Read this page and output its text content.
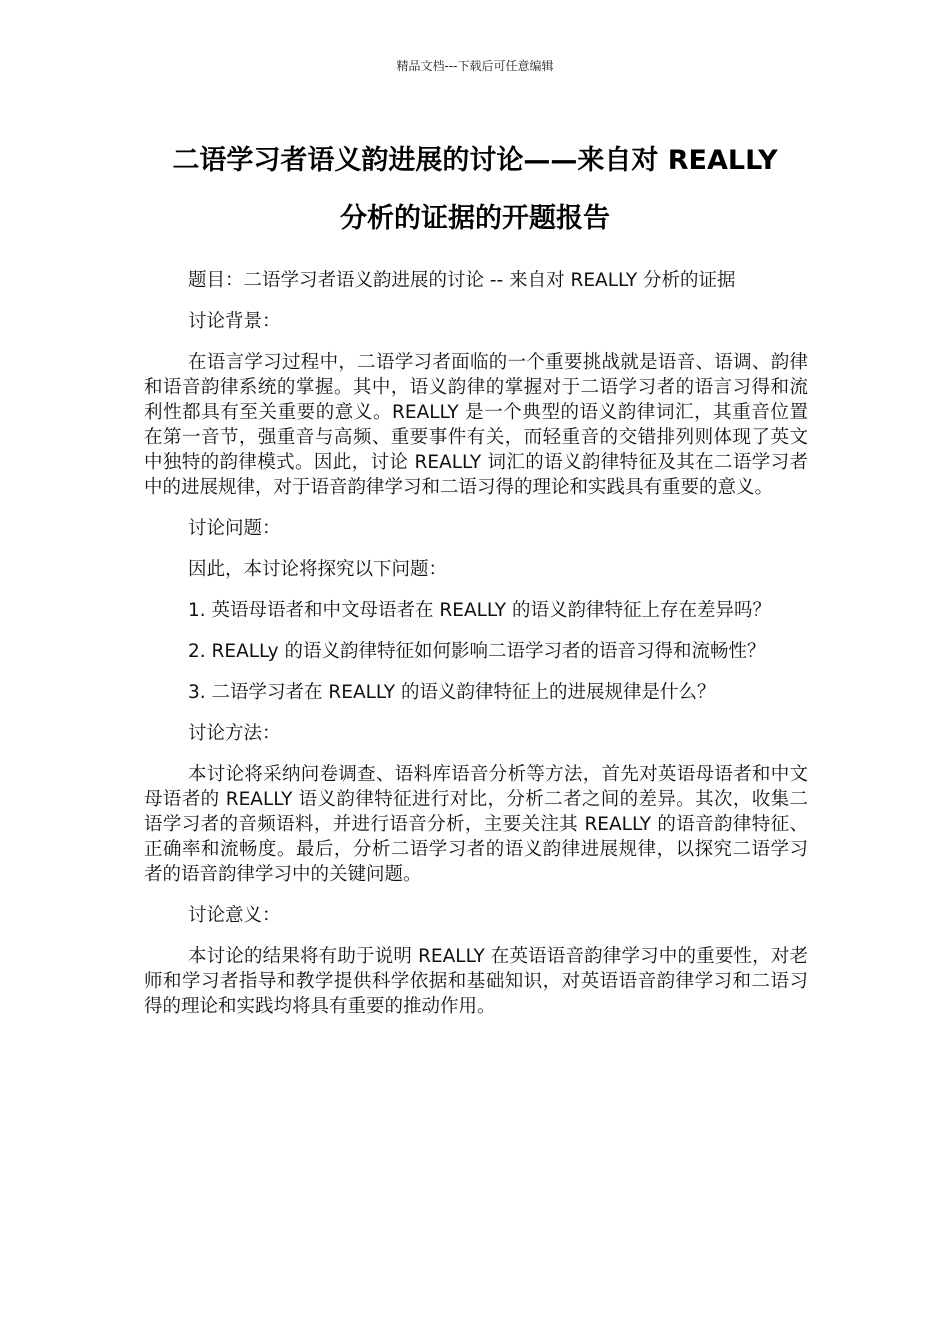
精品文档---下载后可任意编辑
二语学习者语义韵进展的讨论——来自对 REALLY
分析的证据的开题报告

题目：二语学习者语义韵进展的讨论 -- 来自对 REALLY 分析的证据

讨论背景：

在语言学习过程中，二语学习者面临的一个重要挑战就是语音、语调、韵律和语音韵律系统的掌握。其中，语义韵律的掌握对于二语学习者的语言习得和流利性都具有至关重要的意义。REALLY 是一个典型的语义韵律词汇，其重音位置在第一音节，强重音与高频、重要事件有关，而轻重音的交错排列则体现了英文中独特的韵律模式。因此，讨论 REALLY 词汇的语义韵律特征及其在二语学习者中的进展规律，对于语音韵律学习和二语习得的理论和实践具有重要的意义。

讨论问题：

因此，本讨论将探究以下问题：

1. 英语母语者和中文母语者在 REALLY 的语义韵律特征上存在差异吗？

2. REALLy 的语义韵律特征如何影响二语学习者的语音习得和流畅性？

3. 二语学习者在 REALLY 的语义韵律特征上的进展规律是什么？

讨论方法：

本讨论将采纳问卷调查、语料库语音分析等方法，首先对英语母语者和中文母语者的 REALLY 语义韵律特征进行对比，分析二者之间的差异。其次，收集二语学习者的音频语料，并进行语音分析，主要关注其 REALLY 的语音韵律特征、正确率和流畅度。最后，分析二语学习者的语义韵律进展规律，以探究二语学习者的语音韵律学习中的关键问题。

讨论意义：

本讨论的结果将有助于说明 REALLY 在英语语音韵律学习中的重要性，对老师和学习者指导和教学提供科学依据和基础知识，对英语语音韵律学习和二语习得的理论和实践均将具有重要的推动作用。
